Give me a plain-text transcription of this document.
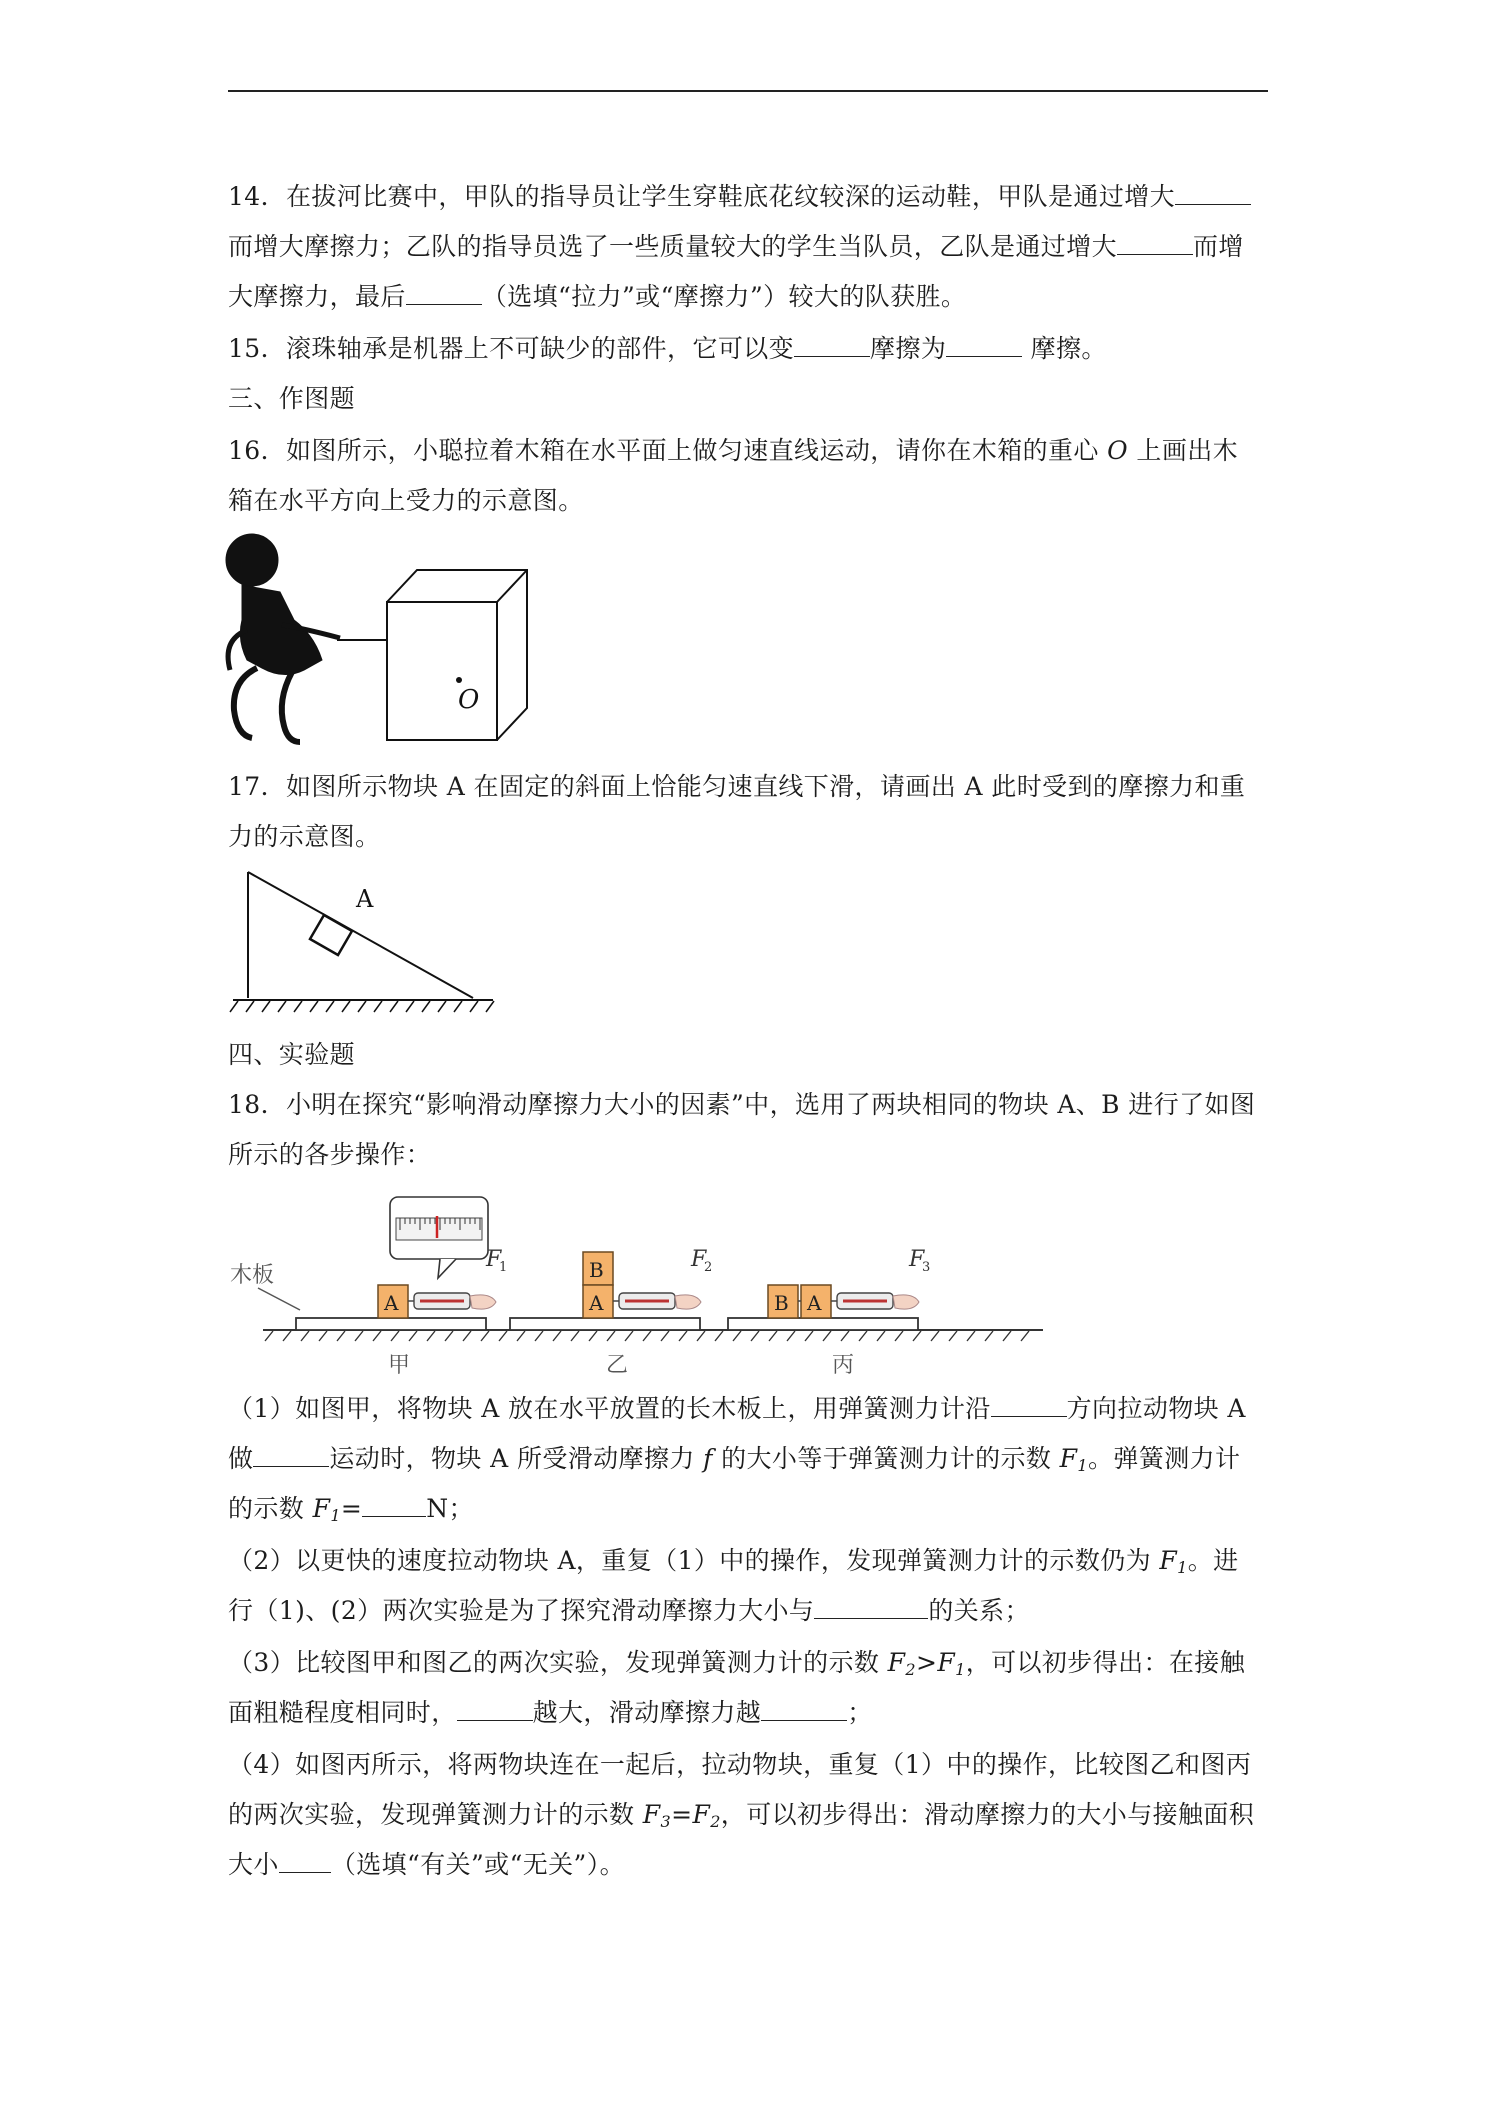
14．在拔河比赛中，甲队的指导员让学生穿鞋底花纹较深的运动鞋，甲队是通过增大
而增大摩擦力；乙队的指导员选了一些质量较大的学生当队员，乙队是通过增大	而增
大摩擦力，最后	（选填“拉力”或“摩擦力”）较大的队获胜。
15．滚珠轴承是机器上不可缺少的部件，它可以变	摩擦为	摩擦。
三、作图题
16．如图所示，小聪拉着木箱在水平面上做匀速直线运动，请你在木箱的重心 O 上画出木
箱在水平方向上受力的示意图。
O
17．如图所示物块 A 在固定的斜面上恰能匀速直线下滑，请画出 A 此时受到的摩擦力和重
力的示意图。
A
四、实验题
18．小明在探究“影响滑动摩擦力大小的因素”中，选用了两块相同的物块 A、B 进行了如图
所示的各步操作：
木板
A
F
1
甲
B
A
F
2
乙
B A
F
3
丙
（1）如图甲，将物块 A 放在水平放置的长木板上，用弹簧测力计沿	方向拉动物块 A
做	运动时，物块 A 所受滑动摩擦力 f 的大小等于弹簧测力计的示数 $F_1$。弹簧测力计
的示数 $F_1=$	N；
（2）以更快的速度拉动物块 A，重复（1）中的操作，发现弹簧测力计的示数仍为 $F_1$。进
行（1)、(2）两次实验是为了探究滑动摩擦力大小与	的关系；
（3）比较图甲和图乙的两次实验，发现弹簧测力计的示数 $F_2>F_1$，可以初步得出：在接触
面粗糙程度相同时，	越大，滑动摩擦力越	；
（4）如图丙所示，将两物块连在一起后，拉动物块，重复（1）中的操作，比较图乙和图丙
的两次实验，发现弹簧测力计的示数 $F_3=F_2$，可以初步得出：滑动摩擦力的大小与接触面积
大小 （选填“有关”或“无关”）。
